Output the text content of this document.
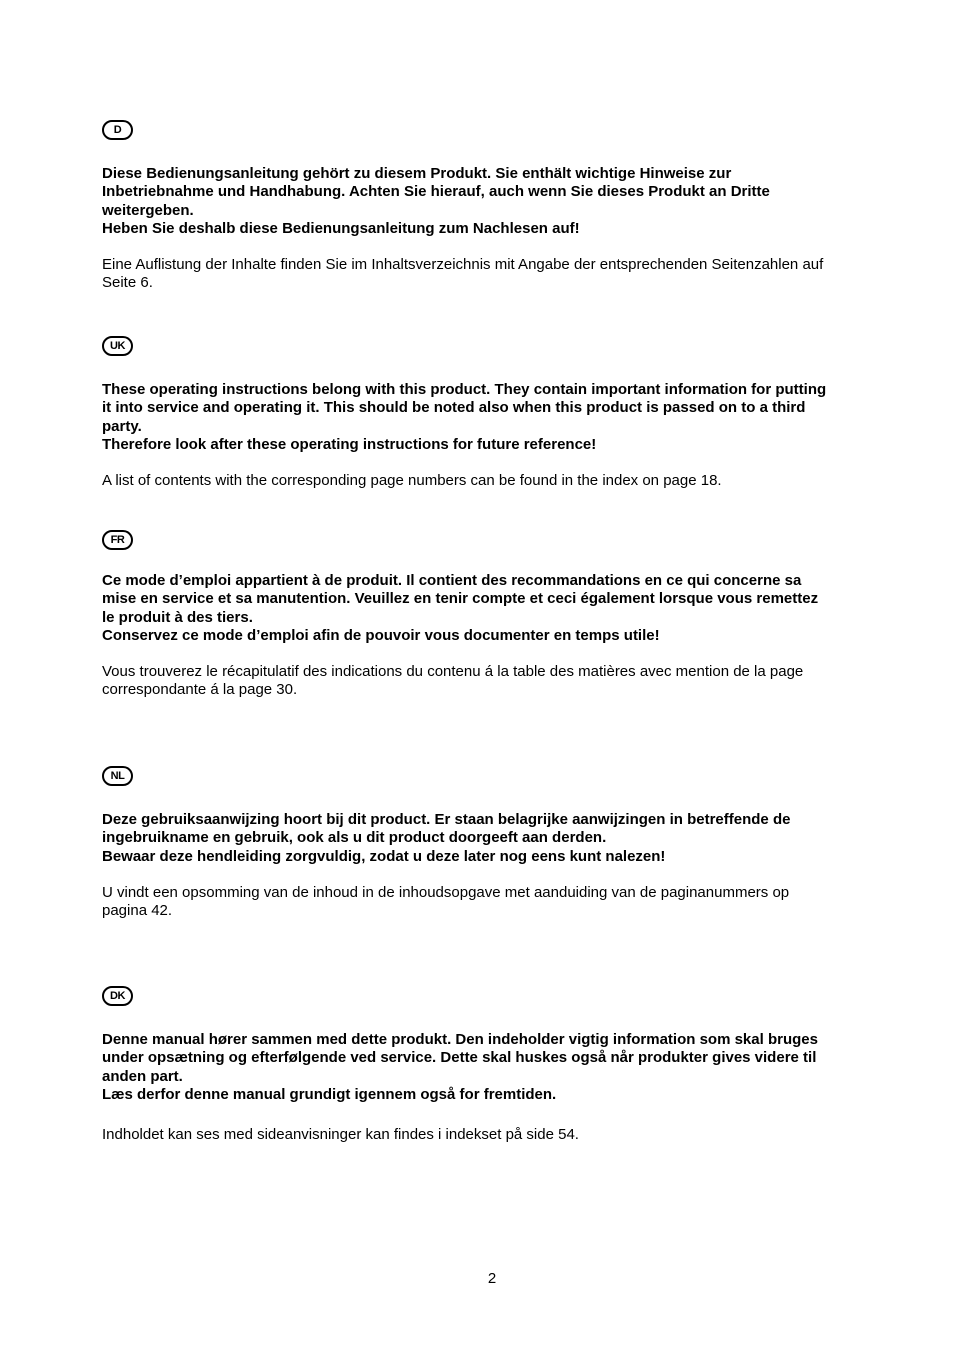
D

Diese Bedienungsanleitung gehört zu diesem Produkt. Sie enthält wichtige Hinweise zur

Inbetriebnahme und Handhabung. Achten Sie hierauf, auch wenn Sie dieses Produkt an Dritte

weitergeben.

Heben Sie deshalb diese Bedienungsanleitung zum Nachlesen auf!

Eine Auflistung der Inhalte finden Sie im Inhaltsverzeichnis mit Angabe der entsprechenden Seitenzahlen auf

Seite 6.

UK

These operating instructions belong with this product. They contain important information for putting

it into service and operating it. This should be noted also when this product is passed on to a third

party.

Therefore look after these operating instructions for future reference!

A list of contents with the corresponding page numbers can be found in the index on page 18.

FR

Ce mode d’emploi appartient à de produit. Il contient des recommandations en ce qui concerne sa

mise en service et sa manutention. Veuillez en tenir compte et ceci également lorsque vous remettez

le produit à des tiers.

Conservez ce mode d’emploi afin de pouvoir vous documenter en temps utile!

Vous trouverez le récapitulatif des indications du contenu á la table des matières avec mention de la page

correspondante á la page 30.

NL

Deze gebruiksaanwijzing hoort bij dit product. Er staan belagrijke aanwijzingen in betreffende de

ingebruikname en gebruik, ook als u dit product doorgeeft aan derden.

Bewaar deze hendleiding zorgvuldig, zodat u deze later nog eens kunt nalezen!

U vindt een opsomming van de inhoud in de inhoudsopgave met aanduiding van de paginanummers op

pagina 42.

DK

Denne manual hører sammen med dette produkt. Den indeholder vigtig information som skal bruges

under opsætning og efterfølgende ved service. Dette skal huskes også når produkter gives videre til

anden part.

Læs derfor denne manual grundigt igennem også for fremtiden.

Indholdet kan ses med sideanvisninger kan findes i indekset på side 54.

2
